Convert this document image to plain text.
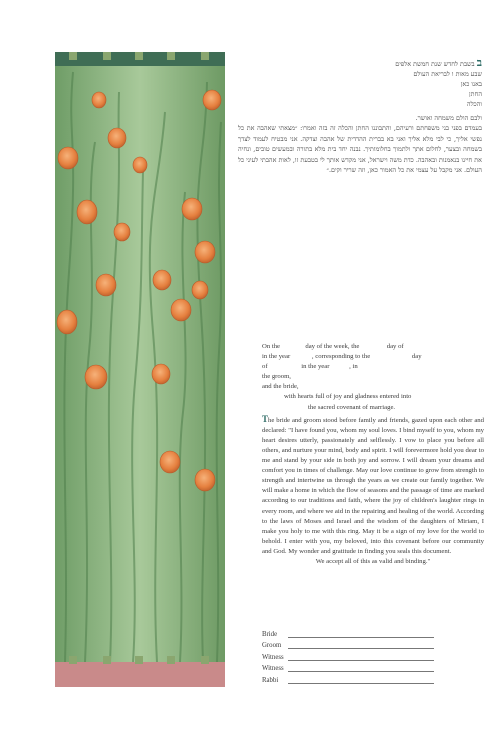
ב בשבת לחדש שנת חמשת אלפים
שבע מאות ו לבריאת העולם
באנו כאן
החתן
והכלה

ולבם הולם משמחה ואושר.

בעמדם בפני בני משפחתם ורעיהם, והתבוננו החתן והכלה זה בזה ואמרו: ״מצאתי שאהבה את כל נפשי אליך, כי לבי מלא אליך ואני בא בברית ההדדית של אהבה וצדקה. אני מבטיח לעמוד לצדך בשמחה ובצער, לחלום אתך ולתמוך בחלומותיך. נבנה יחד בית מלא בתורה ובמעשים טובים, ונחיה את חיינו בנאמנות ובאהבה. כדת משה וישראל, אני מקדש אותך לי בטבעת זו, לאות אהבתי לעיני כל העולם. אני מקבל על עצמי את כל האמור כאן, וזה שריר וקים.״

On the	day of the week, the	day of

in the year	, corresponding to the	day

of	in the year	, in

the groom,

and the bride,

with hearts full of joy and gladness entered into

the sacred covenant of marriage.

The bride and groom stood before family and friends, gazed upon each other and declared: "I have found you, whom my soul loves. I bind myself to you, whom my heart desires utterly, passionately and selflessly. I vow to place you before all others, and nurture your mind, body and spirit. I will forevermore hold you dear to me and stand by your side in both joy and sorrow. I will dream your dreams and comfort you in times of challenge. May our love continue to grow from strength to strength and intertwine us through the years as we create our family together. We will make a home in which the flow of seasons and the passage of time are marked according to our traditions and faith, where the joy of children's laughter rings in every room, and where we aid in the repairing and healing of the world. According to the laws of Moses and Israel and the wisdom of the daughters of Miriam, I make you holy to me with this ring. May it be a sign of my love for the world to behold. I enter with you, my beloved, into this covenant before our community and God. My wonder and gratitude in finding you seals this document.

We accept all of this as valid and binding."

Bride
Groom
Witness
Witness
Rabbi
